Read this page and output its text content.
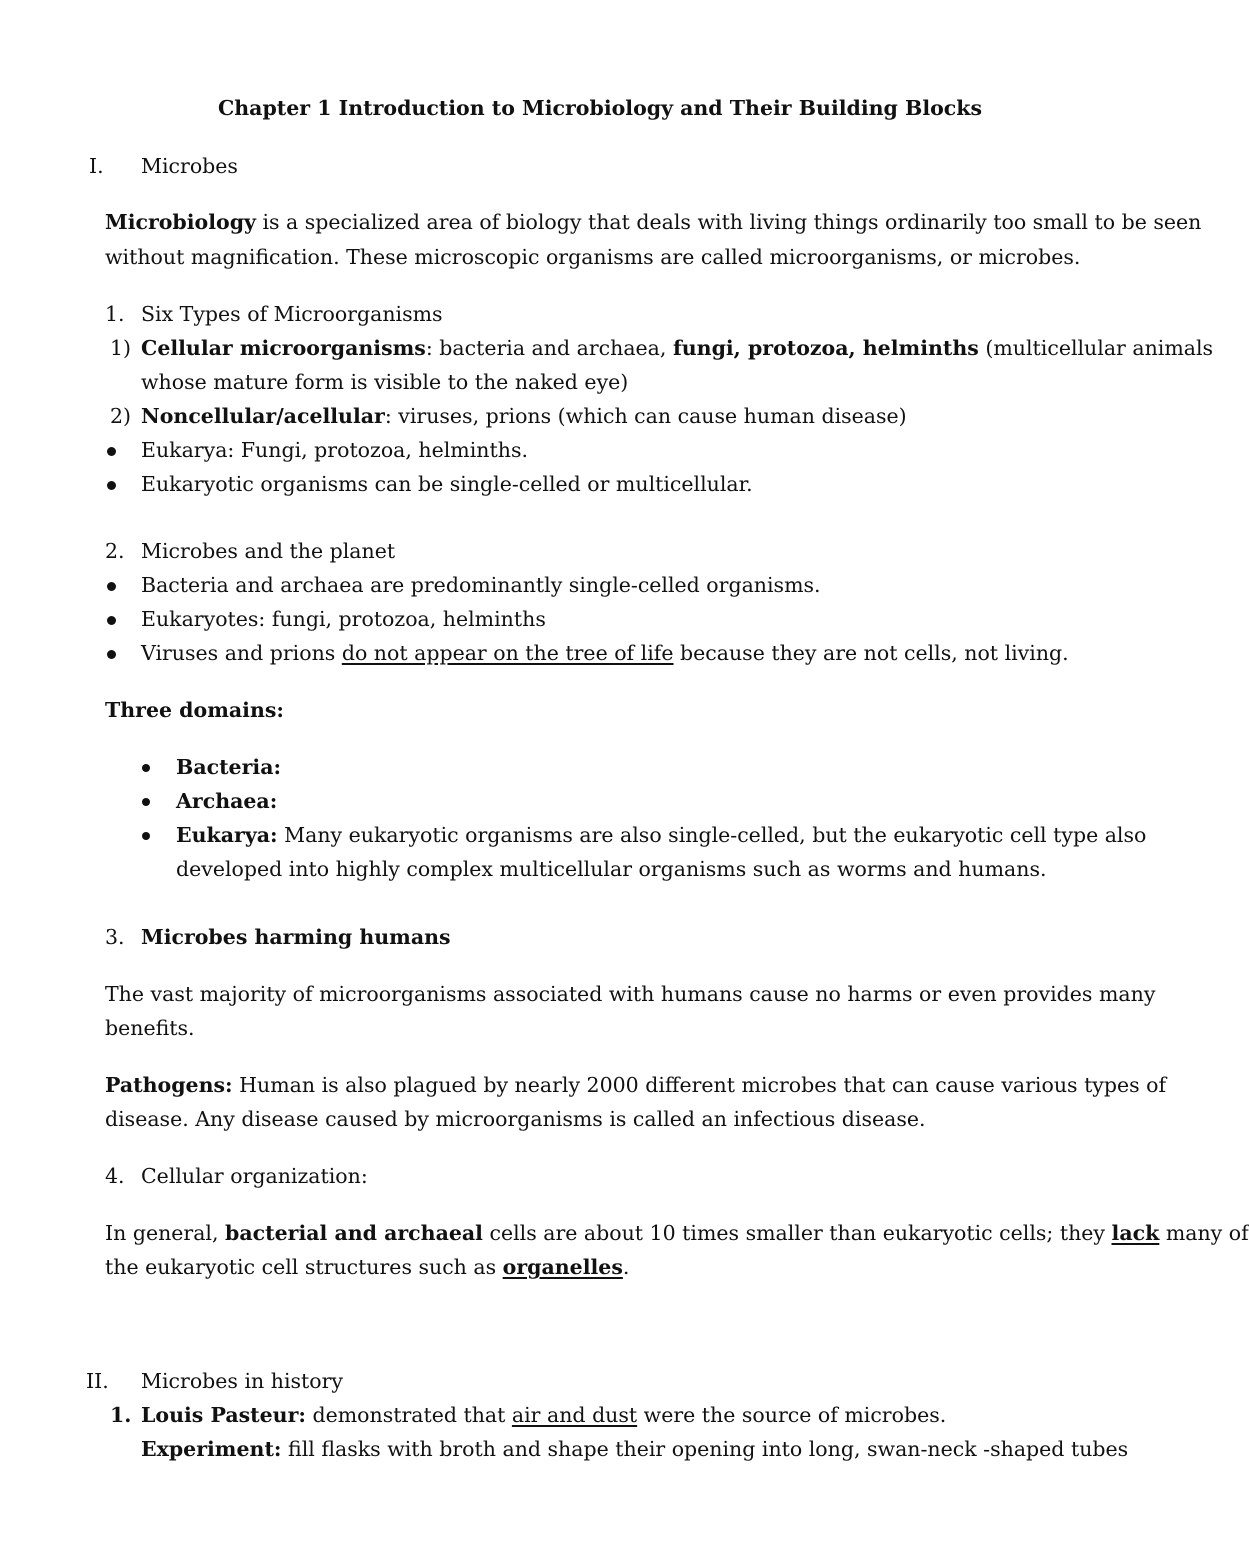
Chapter 1 Introduction to Microbiology and Their Building Blocks
I. Microbes
Microbiology is a specialized area of biology that deals with living things ordinarily too small to be seen
without magnification. These microscopic organisms are called microorganisms, or microbes.
1. Six Types of Microorganisms
1) Cellular microorganisms: bacteria and archaea, fungi, protozoa, helminths (multicellular animals
whose mature form is visible to the naked eye)
2) Noncellular/acellular: viruses, prions (which can cause human disease)
Eukarya: Fungi, protozoa, helminths.
Eukaryotic organisms can be single-celled or multicellular.
2. Microbes and the planet
Bacteria and archaea are predominantly single-celled organisms.
Eukaryotes: fungi, protozoa, helminths
Viruses and prions do not appear on the tree of life because they are not cells, not living.
Three domains:
Bacteria:
Archaea:
Eukarya: Many eukaryotic organisms are also single-celled, but the eukaryotic cell type also
developed into highly complex multicellular organisms such as worms and humans.
3. Microbes harming humans
The vast majority of microorganisms associated with humans cause no harms or even provides many
benefits.
Pathogens: Human is also plagued by nearly 2000 different microbes that can cause various types of
disease. Any disease caused by microorganisms is called an infectious disease.
4. Cellular organization:
In general, bacterial and archaeal cells are about 10 times smaller than eukaryotic cells; they lack many of
the eukaryotic cell structures such as organelles.
II. Microbes in history
1. Louis Pasteur: demonstrated that air and dust were the source of microbes.
Experiment: fill flasks with broth and shape their opening into long, swan-neck -shaped tubes
